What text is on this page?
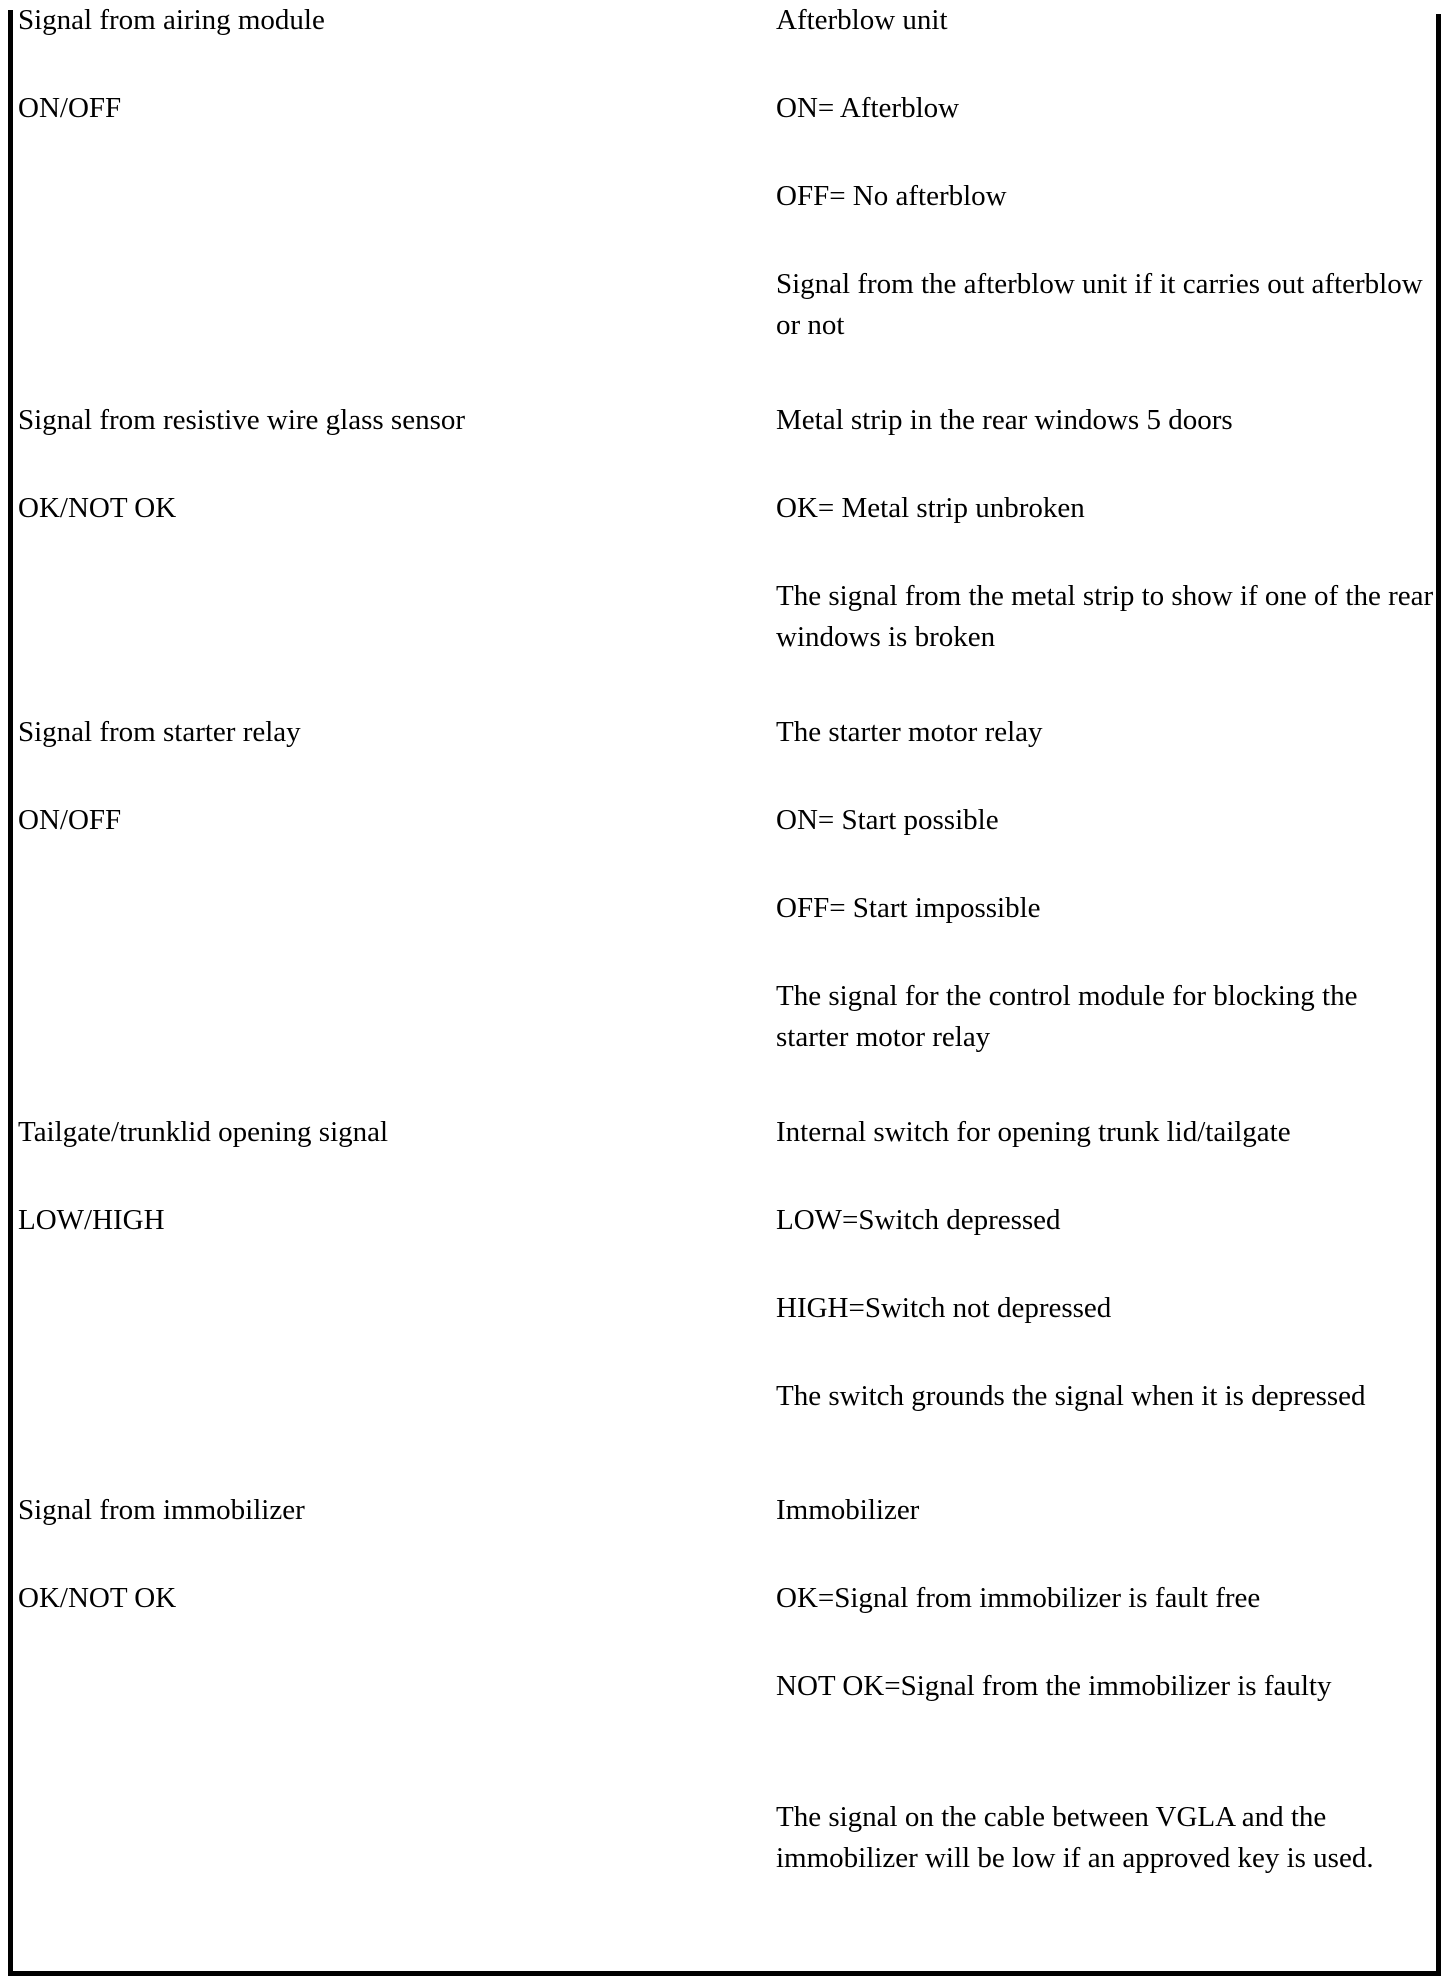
Signal from airing module

ON/OFF

Afterblow unit

ON= Afterblow

OFF= No afterblow

Signal from the afterblow unit if it carries out afterblow or not

Signal from resistive wire glass sensor

OK/NOT OK

Metal strip in the rear windows 5 doors

OK= Metal strip unbroken

The signal from the metal strip to show if one of the rear windows is broken

Signal from starter relay

ON/OFF

The starter motor relay

ON= Start possible

OFF= Start impossible

The signal for the control module for blocking the starter motor relay

Tailgate/trunklid opening signal

LOW/HIGH

Internal switch for opening trunk lid/tailgate

LOW=Switch depressed

HIGH=Switch not depressed

The switch grounds the signal when it is depressed

Signal from immobilizer

OK/NOT OK

Immobilizer

OK=Signal from immobilizer is fault free

NOT OK=Signal from the immobilizer is faulty

The signal on the cable between VGLA and the immobilizer will be low if an approved key is used.
